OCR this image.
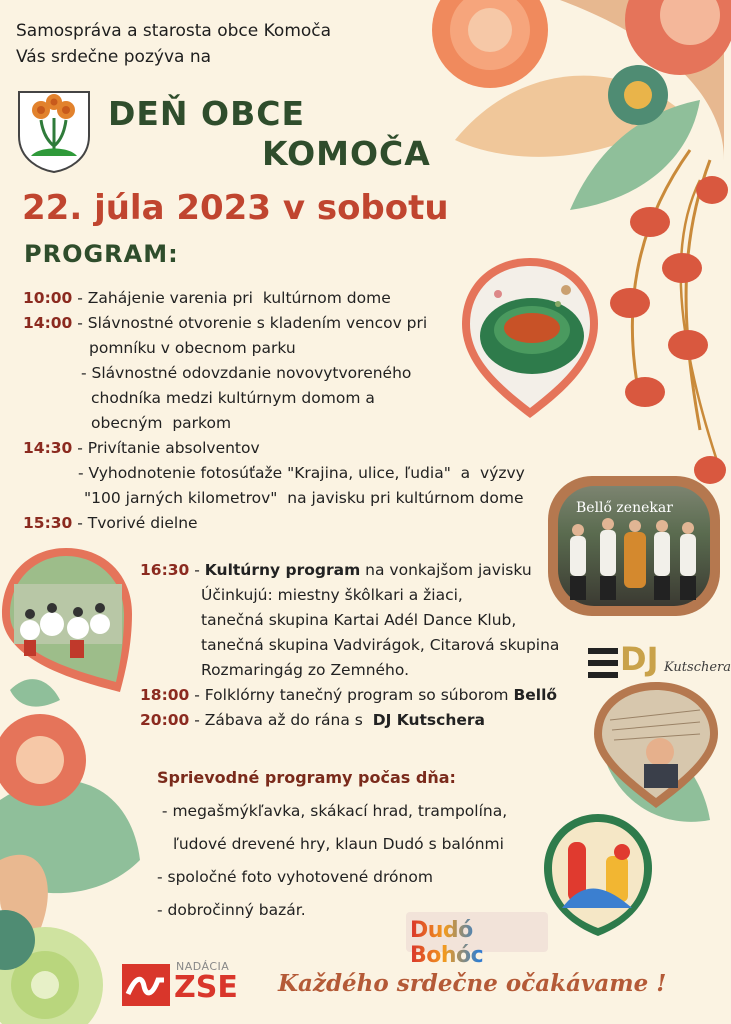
Samospráva a starosta obce Komoča
Vás srdečne pozýva na
DEŇ OBCE
KOMOČA
22. júla 2023 v sobotu
PROGRAM:
10:00 - Zahájenie varenia pri  kultúrnom dome
14:00 - Slávnostné otvorenie s kladením vencov pri
pomníku v obecnom parku
- Slávnostné odovzdanie novovytvoreného
chodníka medzi kultúrnym domom a
obecným  parkom
14:30 - Privítanie absolventov
- Vyhodnotenie fotosúťaže "Krajina, ulice, ľudia"  a  výzvy
"100 jarných kilometrov"  na javisku pri kultúrnom dome
15:30 - Tvorivé dielne
16:30 - Kultúrny program na vonkajšom javisku
Účinkujú: miestny škôlkari a žiaci,
tanečná skupina Kartai Adél Dance Klub,
tanečná skupina Vadvirágok, Citarová skupina
Rozmaringág zo Zemného.
18:00 - Folklórny tanečný program so súborom Bellő
20:00 - Zábava až do rána s  DJ Kutschera
Sprievodné programy počas dňa:
- megašmýkľavka, skákací hrad, trampolína,
ľudové drevené hry, klaun Dudó s balónmi
- spoločné foto vyhotovené drónom
- dobročinný bazár.
Bellő zenekar
DJ Kutschera
Dudó Bohóc
NADÁCIA
ZSE Každého srdečne očakávame !
